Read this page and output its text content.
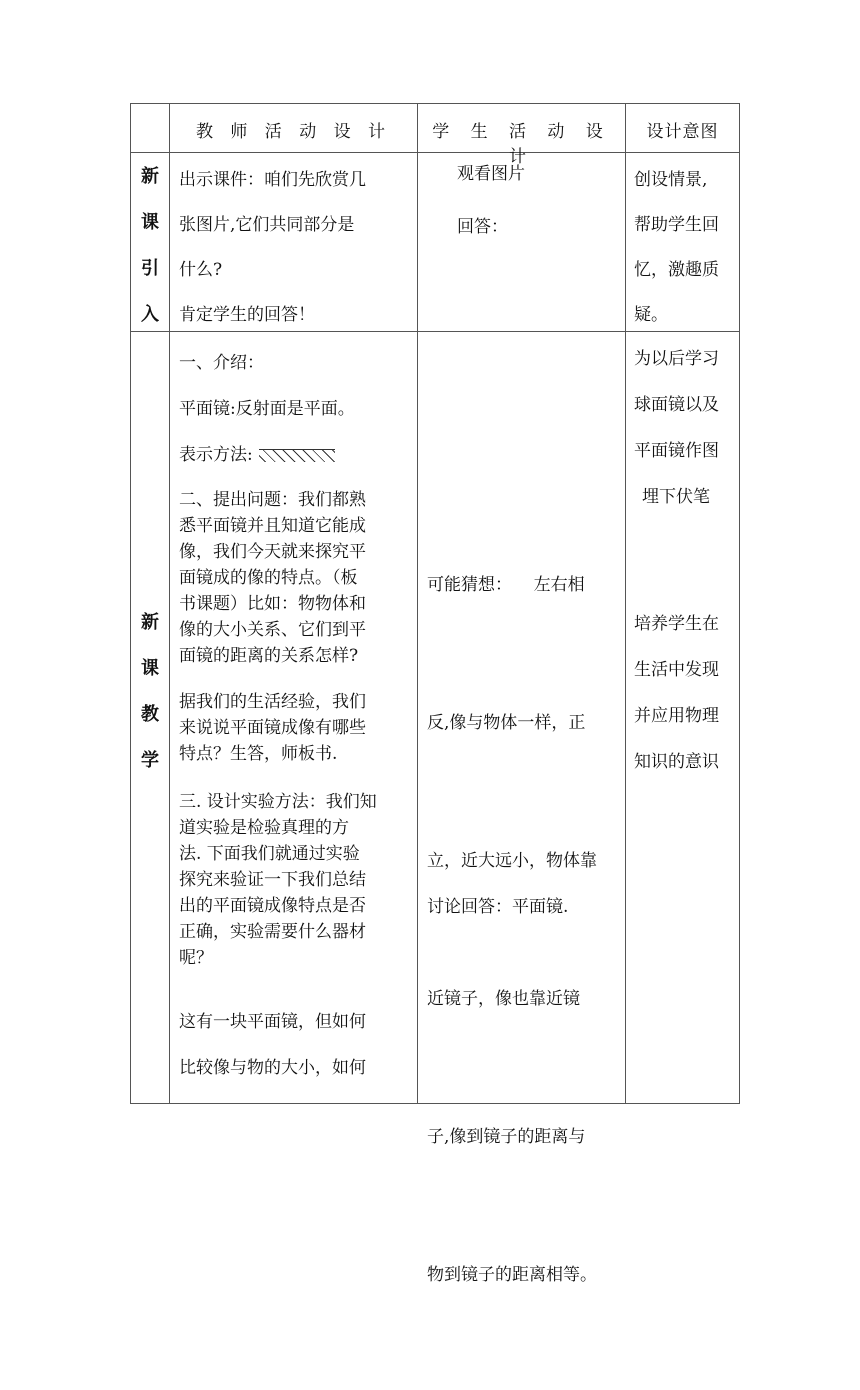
教 师 活 动 设 计	学 生 活 动 设 计
设计意图
新
课
引
入

出示课件：咱们先欣赏几

张图片,它们共同部分是

什么?

肯定学生的回答！

观看图片

回答：

创设情景,

帮助学生回

忆，激趣质

疑。

新
课
教
学

一、介绍：

平面镜:反射面是平面。

表示方法:

二、提出问题：我们都熟

悉平面镜并且知道它能成

像，我们今天就来探究平

面镜成的像的特点。（板

书课题）比如：物物体和

像的大小关系、它们到平

面镜的距离的关系怎样?

据我们的生活经验，我们

来说说平面镜成像有哪些

特点？生答，师板书.

三. 设计实验方法：我们知

道实验是检验真理的方

法. 下面我们就通过实验

探究来验证一下我们总结

出的平面镜成像特点是否

正确，实验需要什么器材

呢？

这有一块平面镜，但如何

比较像与物的大小，如何

可能猜想：    左右相

反,像与物体一样，正

立，近大远小，物体靠

近镜子，像也靠近镜

子,像到镜子的距离与

物到镜子的距离相等。

讨论回答：平面镜.

为以后学习

球面镜以及

平面镜作图

埋下伏笔

培养学生在

生活中发现

并应用物理

知识的意识
